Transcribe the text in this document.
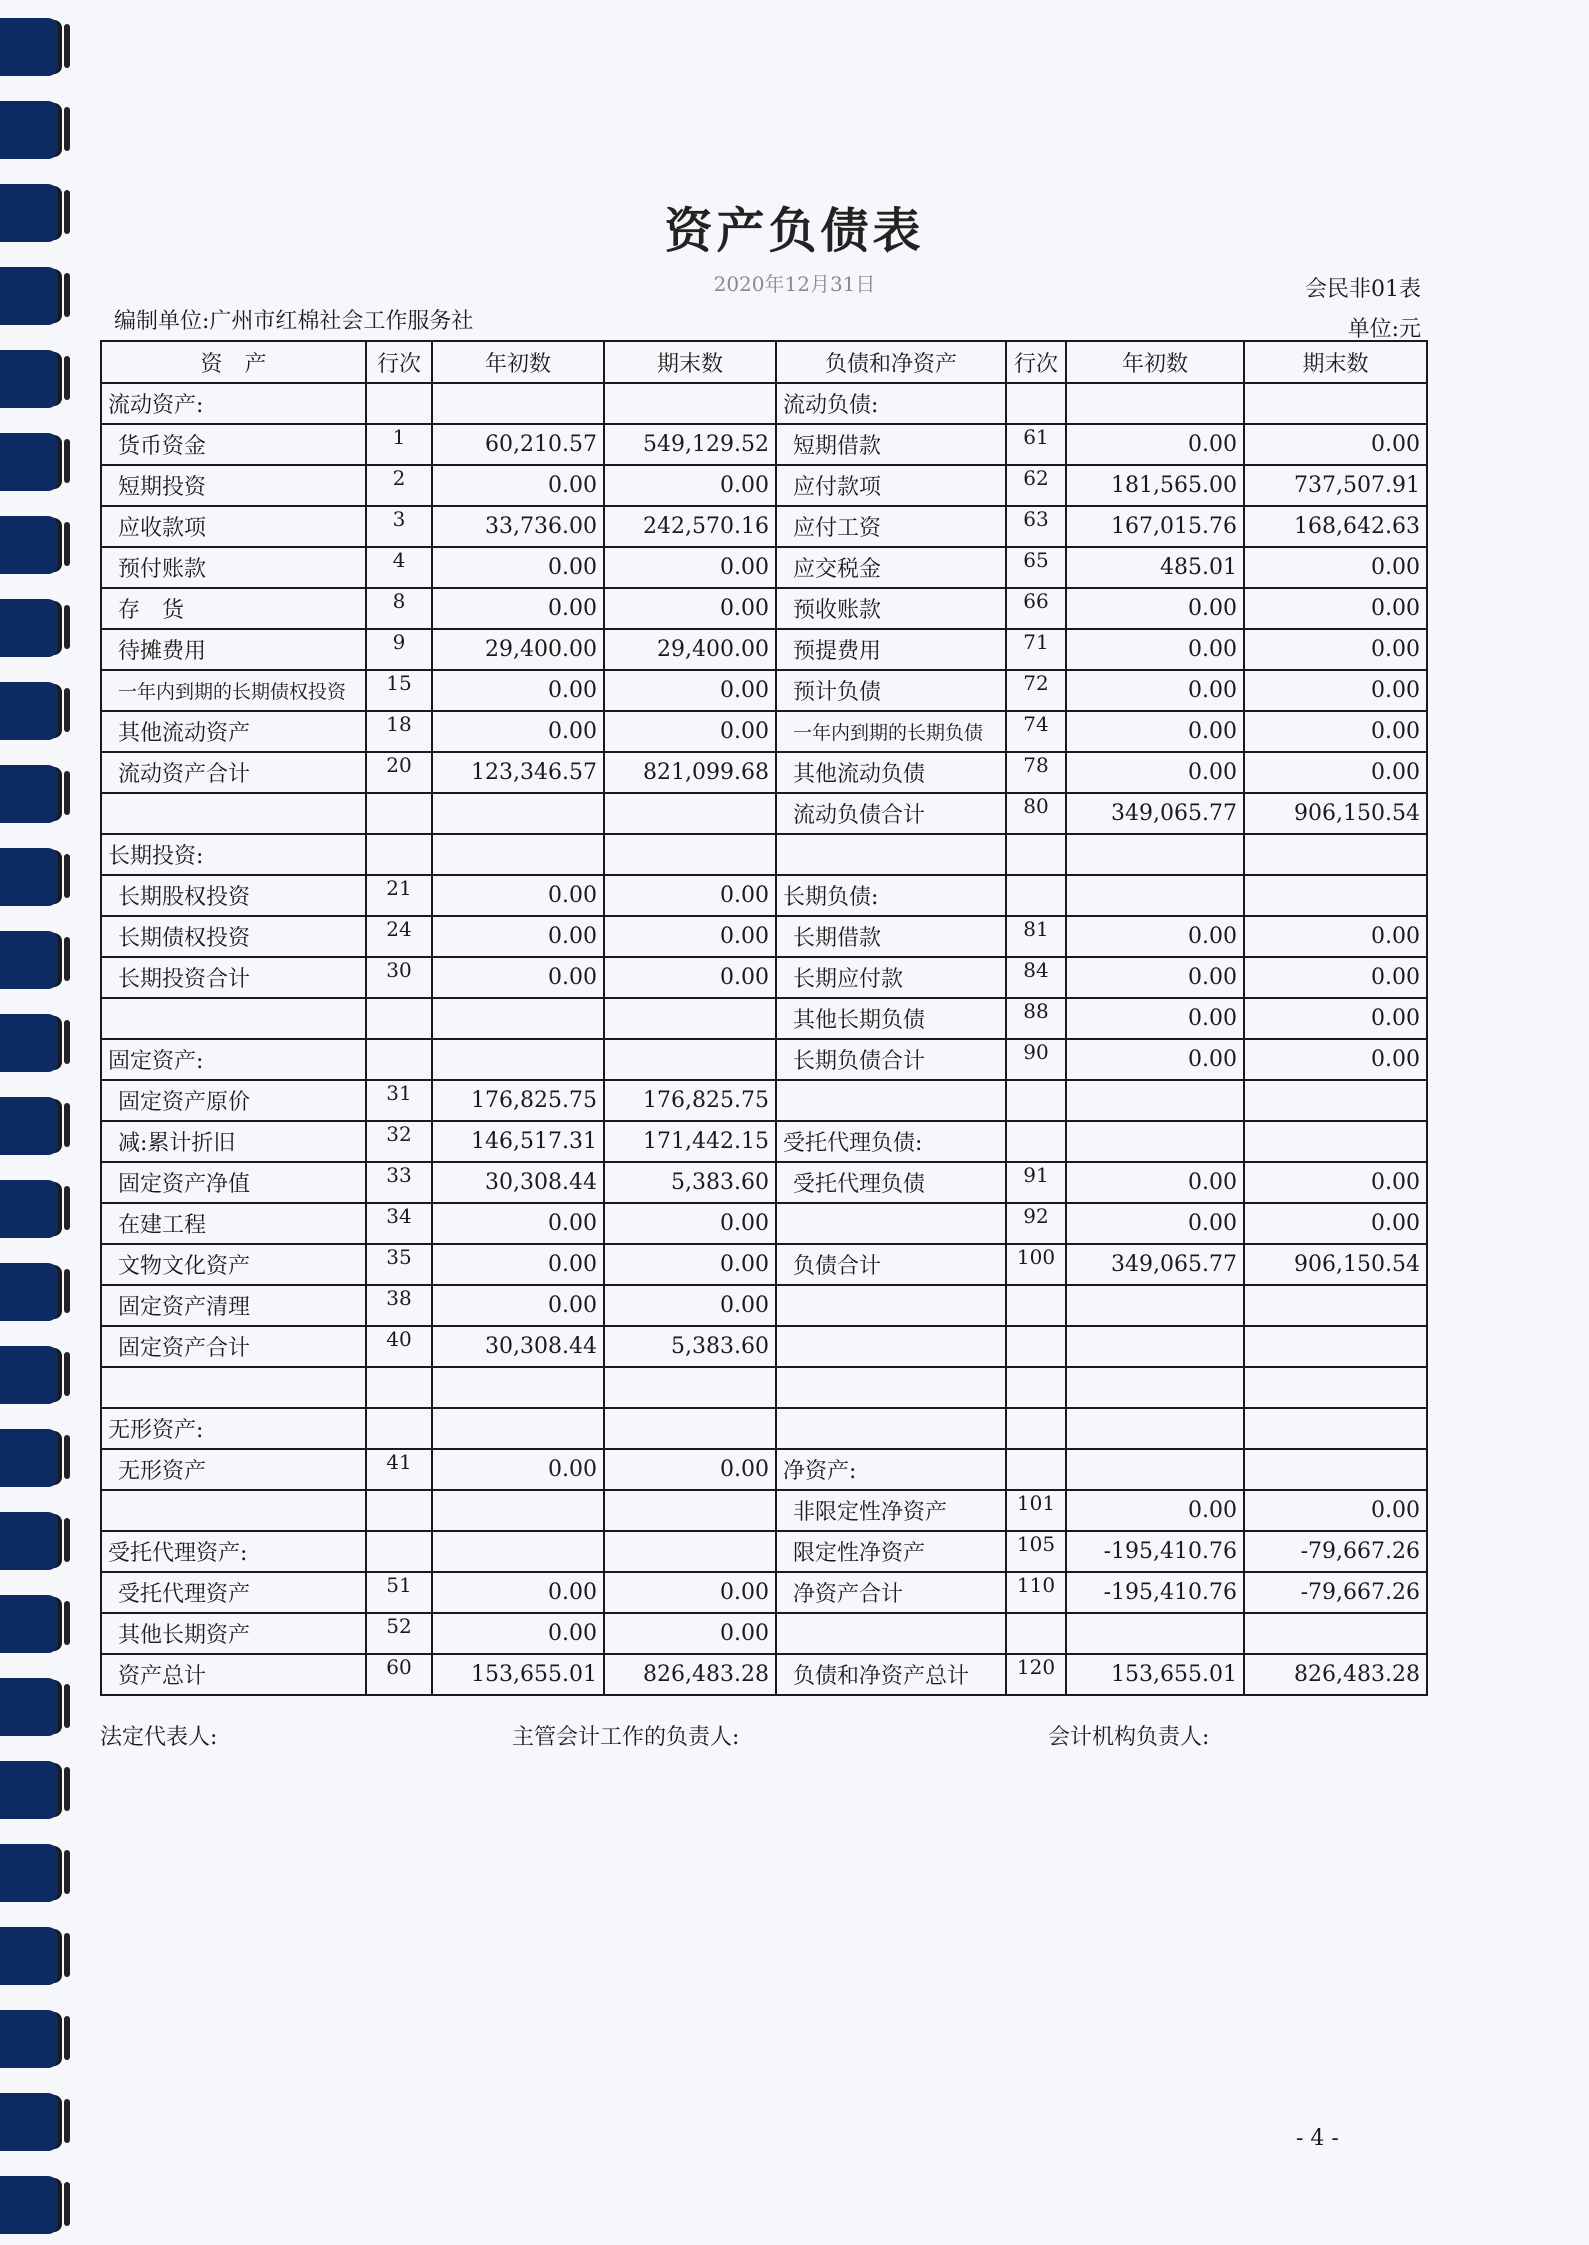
资产负债表
2020年12月31日	会民非01表
编制单位:广州市红棉社会工作服务社	单位:元
资　产	行次	年初数	期末数	负债和净资产	行次	年初数	期末数
流动资产:				流动负债:			
货币资金	1	60,210.57	549,129.52	短期借款	61	0.00	0.00
短期投资	2	0.00	0.00	应付款项	62	181,565.00	737,507.91
应收款项	3	33,736.00	242,570.16	应付工资	63	167,015.76	168,642.63
预付账款	4	0.00	0.00	应交税金	65	485.01	0.00
存　货	8	0.00	0.00	预收账款	66	0.00	0.00
待摊费用	9	29,400.00	29,400.00	预提费用	71	0.00	0.00
一年内到期的长期债权投资	15	0.00	0.00	预计负债	72	0.00	0.00
其他流动资产	18	0.00	0.00	一年内到期的长期负债	74	0.00	0.00
流动资产合计	20	123,346.57	821,099.68	其他流动负债	78	0.00	0.00
				流动负债合计	80	349,065.77	906,150.54
长期投资:							
长期股权投资	21	0.00	0.00	长期负债:			
长期债权投资	24	0.00	0.00	长期借款	81	0.00	0.00
长期投资合计	30	0.00	0.00	长期应付款	84	0.00	0.00
				其他长期负债	88	0.00	0.00
固定资产:				长期负债合计	90	0.00	0.00
固定资产原价	31	176,825.75	176,825.75				
减:累计折旧	32	146,517.31	171,442.15	受托代理负债:			
固定资产净值	33	30,308.44	5,383.60	受托代理负债	91	0.00	0.00
在建工程	34	0.00	0.00		92	0.00	0.00
文物文化资产	35	0.00	0.00	负债合计	100	349,065.77	906,150.54
固定资产清理	38	0.00	0.00				
固定资产合计	40	30,308.44	5,383.60				

无形资产:							
无形资产	41	0.00	0.00	净资产:			
				非限定性净资产	101	0.00	0.00
受托代理资产:				限定性净资产	105	-195,410.76	-79,667.26
受托代理资产	51	0.00	0.00	净资产合计	110	-195,410.76	-79,667.26
其他长期资产	52	0.00	0.00				
资产总计	60	153,655.01	826,483.28	负债和净资产总计	120	153,655.01	826,483.28
法定代表人:	主管会计工作的负责人:	会计机构负责人:
- 4 -
